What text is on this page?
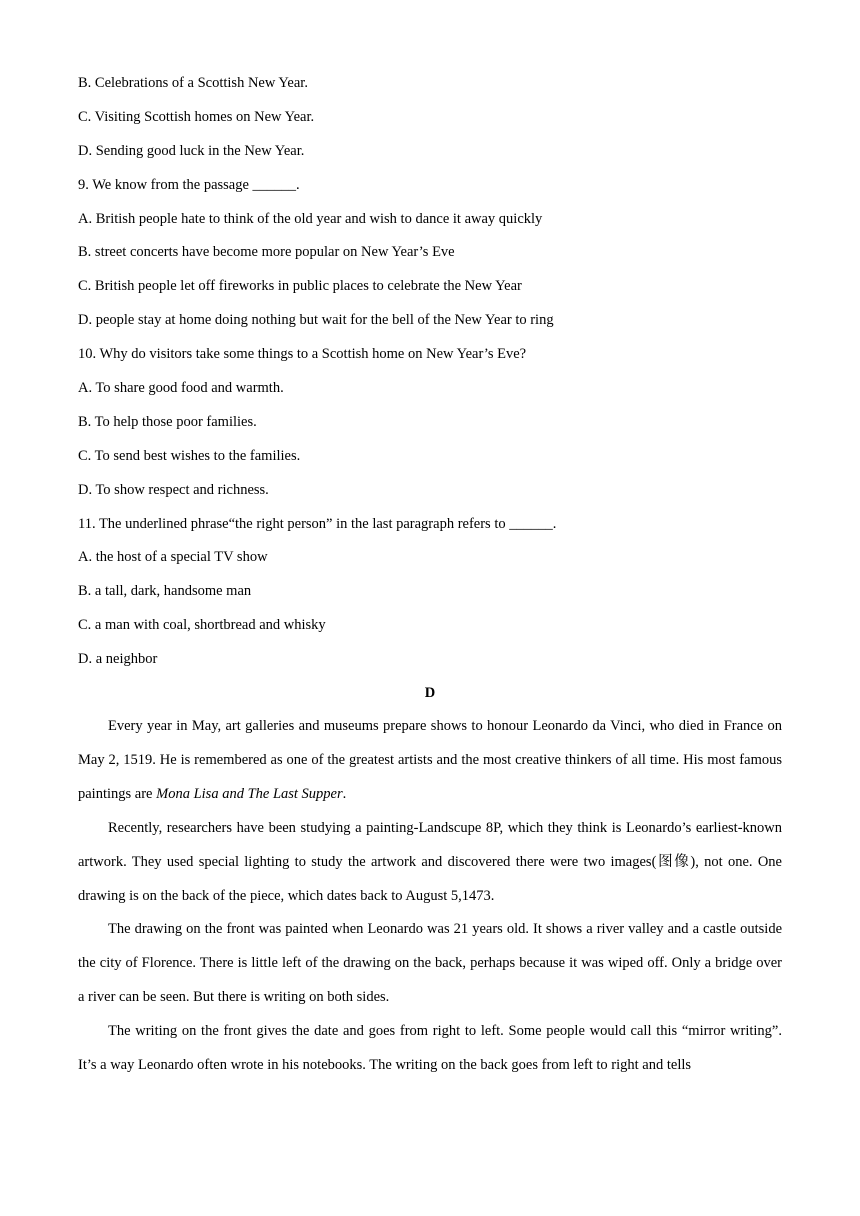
B. Celebrations of a Scottish New Year.
C. Visiting Scottish homes on New Year.
D. Sending good luck in the New Year.
9. We know from the passage ______.
A. British people hate to think of the old year and wish to dance it away quickly
B. street concerts have become more popular on New Year’s Eve
C. British people let off fireworks in public places to celebrate the New Year
D. people stay at home doing nothing but wait for the bell of the New Year to ring
10. Why do visitors take some things to a Scottish home on New Year’s Eve?
A. To share good food and warmth.
B. To help those poor families.
C. To send best wishes to the families.
D. To show respect and richness.
11. The underlined phrase“the right person” in the last paragraph refers to ______.
A. the host of a special TV show
B. a tall, dark, handsome man
C. a man with coal, shortbread and whisky
D. a neighbor
D

Every year in May, art galleries and museums prepare shows to honour Leonardo da Vinci, who died in France on May 2, 1519. He is remembered as one of the greatest artists and the most creative thinkers of all time. His most famous paintings are Mona Lisa and The Last Supper.

Recently, researchers have been studying a painting-Landscupe 8P, which they think is Leonardo’s earliest-known artwork. They used special lighting to study the artwork and discovered there were two images(图像), not one. One drawing is on the back of the piece, which dates back to August 5,1473.

The drawing on the front was painted when Leonardo was 21 years old. It shows a river valley and a castle outside the city of Florence. There is little left of the drawing on the back, perhaps because it was wiped off. Only a bridge over a river can be seen. But there is writing on both sides.

The writing on the front gives the date and goes from right to left. Some people would call this “mirror writing”. It’s a way Leonardo often wrote in his notebooks. The writing on the back goes from left to right and tells
